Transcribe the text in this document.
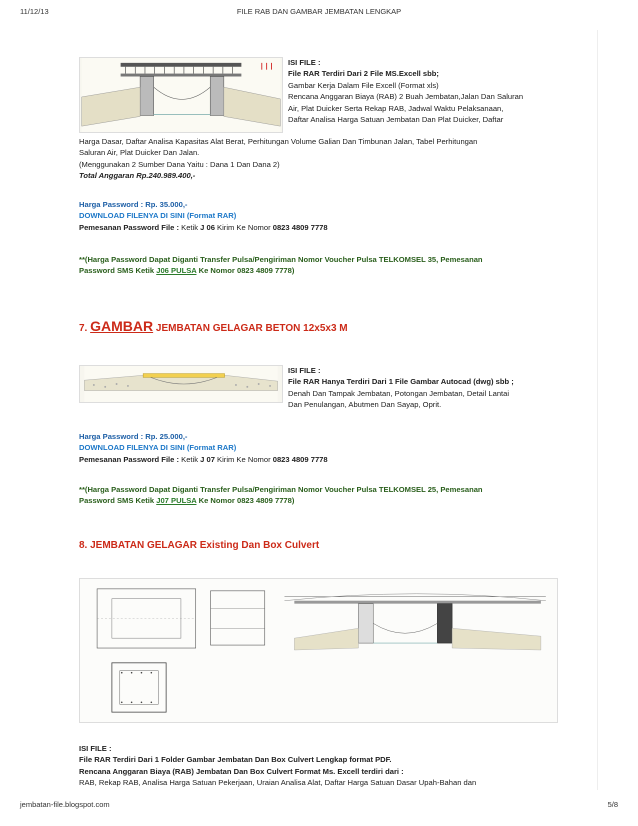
11/12/13	FILE RAB DAN GAMBAR JEMBATAN LENGKAP
ISI FILE :
File RAR Terdiri Dari 2 File MS.Excell sbb;
Gambar Kerja Dalam File Excell (Format xls)
Rencana Anggaran Biaya (RAB) 2 Buah Jembatan,Jalan Dan Saluran
Air, Plat Duicker Serta Rekap RAB, Jadwal Waktu Pelaksanaan,
Daftar Analisa Harga Satuan Jembatan Dan Plat Duicker, Daftar
Harga Dasar, Daftar Analisa Kapasitas Alat Berat, Perhitungan Volume Galian Dan Timbunan Jalan, Tabel Perhitungan
Saluran Air, Plat Duicker Dan Jalan.
(Menggunakan 2 Sumber Dana Yaitu : Dana 1 Dan Dana 2)
Total Anggaran Rp.240.989.400,-
Harga Password : Rp. 35.000,-
DOWNLOAD FILENYA DI SINI (Format RAR)
Pemesanan Password File : Ketik J 06 Kirim Ke Nomor 0823 4809 7778
**(Harga Password Dapat Diganti Transfer Pulsa/Pengiriman Nomor Voucher Pulsa TELKOMSEL 35, Pemesanan
Password SMS Ketik J06 PULSA Ke Nomor 0823 4809 7778)
7. GAMBAR JEMBATAN GELAGAR BETON 12x5x3 M
ISI FILE :
File RAR Hanya Terdiri Dari 1 File Gambar Autocad (dwg) sbb ;
Denah Dan Tampak Jembatan, Potongan Jembatan, Detail Lantai
Dan Penulangan, Abutmen Dan Sayap, Oprit.
Harga Password : Rp. 25.000,-
DOWNLOAD FILENYA DI SINI (Format RAR)
Pemesanan Password File : Ketik J 07 Kirim Ke Nomor 0823 4809 7778
**(Harga Password Dapat Diganti Transfer Pulsa/Pengiriman Nomor Voucher Pulsa TELKOMSEL 25, Pemesanan
Password SMS Ketik J07 PULSA Ke Nomor 0823 4809 7778)
8. JEMBATAN GELAGAR Existing Dan Box Culvert
ISI FILE :
File RAR Terdiri Dari 1 Folder Gambar Jembatan Dan Box Culvert Lengkap format PDF.
Rencana Anggaran Biaya (RAB) Jembatan Dan Box Culvert Format Ms. Excell terdiri dari :
RAB, Rekap RAB, Analisa Harga Satuan Pekerjaan, Uraian Analisa Alat, Daftar Harga Satuan Dasar Upah-Bahan dan
jembatan-file.blogspot.com	5/8
